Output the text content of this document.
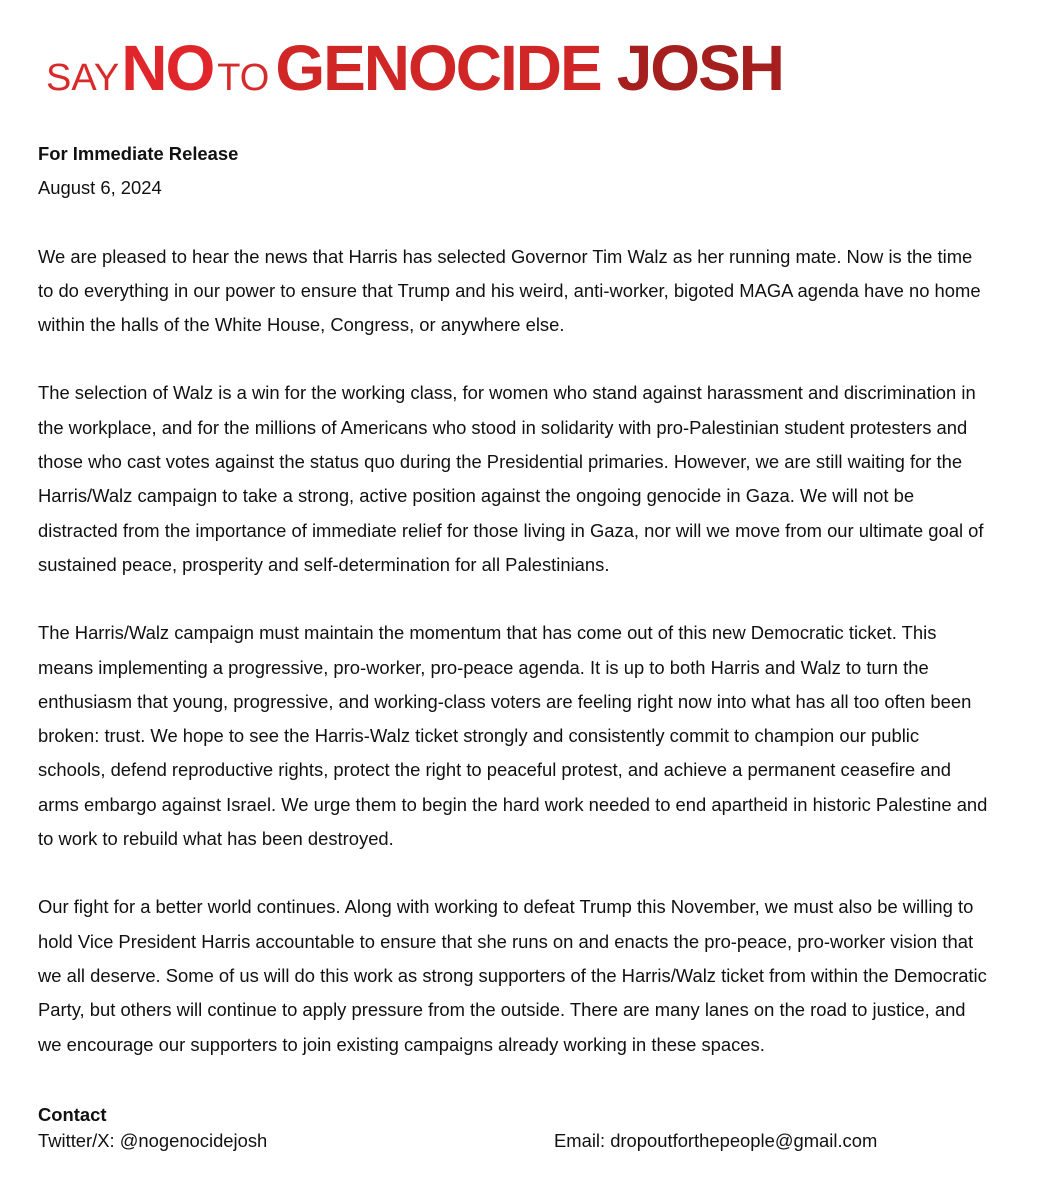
SAYNO TOGENOCIDE JOSH

For Immediate Release

August 6, 2024

We are pleased to hear the news that Harris has selected Governor Tim Walz as her running mate. Now is the time to do everything in our power to ensure that Trump and his weird, anti-worker, bigoted MAGA agenda have no home within the halls of the White House, Congress, or anywhere else.

The selection of Walz is a win for the working class, for women who stand against harassment and discrimination in the workplace, and for the millions of Americans who stood in solidarity with pro-Palestinian student protesters and those who cast votes against the status quo during the Presidential primaries. However, we are still waiting for the Harris/Walz campaign to take a strong, active position against the ongoing genocide in Gaza. We will not be distracted from the importance of immediate relief for those living in Gaza, nor will we move from our ultimate goal of sustained peace, prosperity and self-determination for all Palestinians.

The Harris/Walz campaign must maintain the momentum that has come out of this new Democratic ticket. This means implementing a progressive, pro-worker, pro-peace agenda. It is up to both Harris and Walz to turn the enthusiasm that young, progressive, and working-class voters are feeling right now into what has all too often been broken: trust. We hope to see the Harris-Walz ticket strongly and consistently commit to champion our public schools, defend reproductive rights, protect the right to peaceful protest, and achieve a permanent ceasefire and arms embargo against Israel. We urge them to begin the hard work needed to end apartheid in historic Palestine and to work to rebuild what has been destroyed.

Our fight for a better world continues. Along with working to defeat Trump this November, we must also be willing to hold Vice President Harris accountable to ensure that she runs on and enacts the pro-peace, pro-worker vision that we all deserve. Some of us will do this work as strong supporters of the Harris/Walz ticket from within the Democratic Party, but others will continue to apply pressure from the outside. There are many lanes on the road to justice, and we encourage our supporters to join existing campaigns already working in these spaces.

Contact
Twitter/X: @nogenocidejosh	Email: dropoutforthepeople@gmail.com
